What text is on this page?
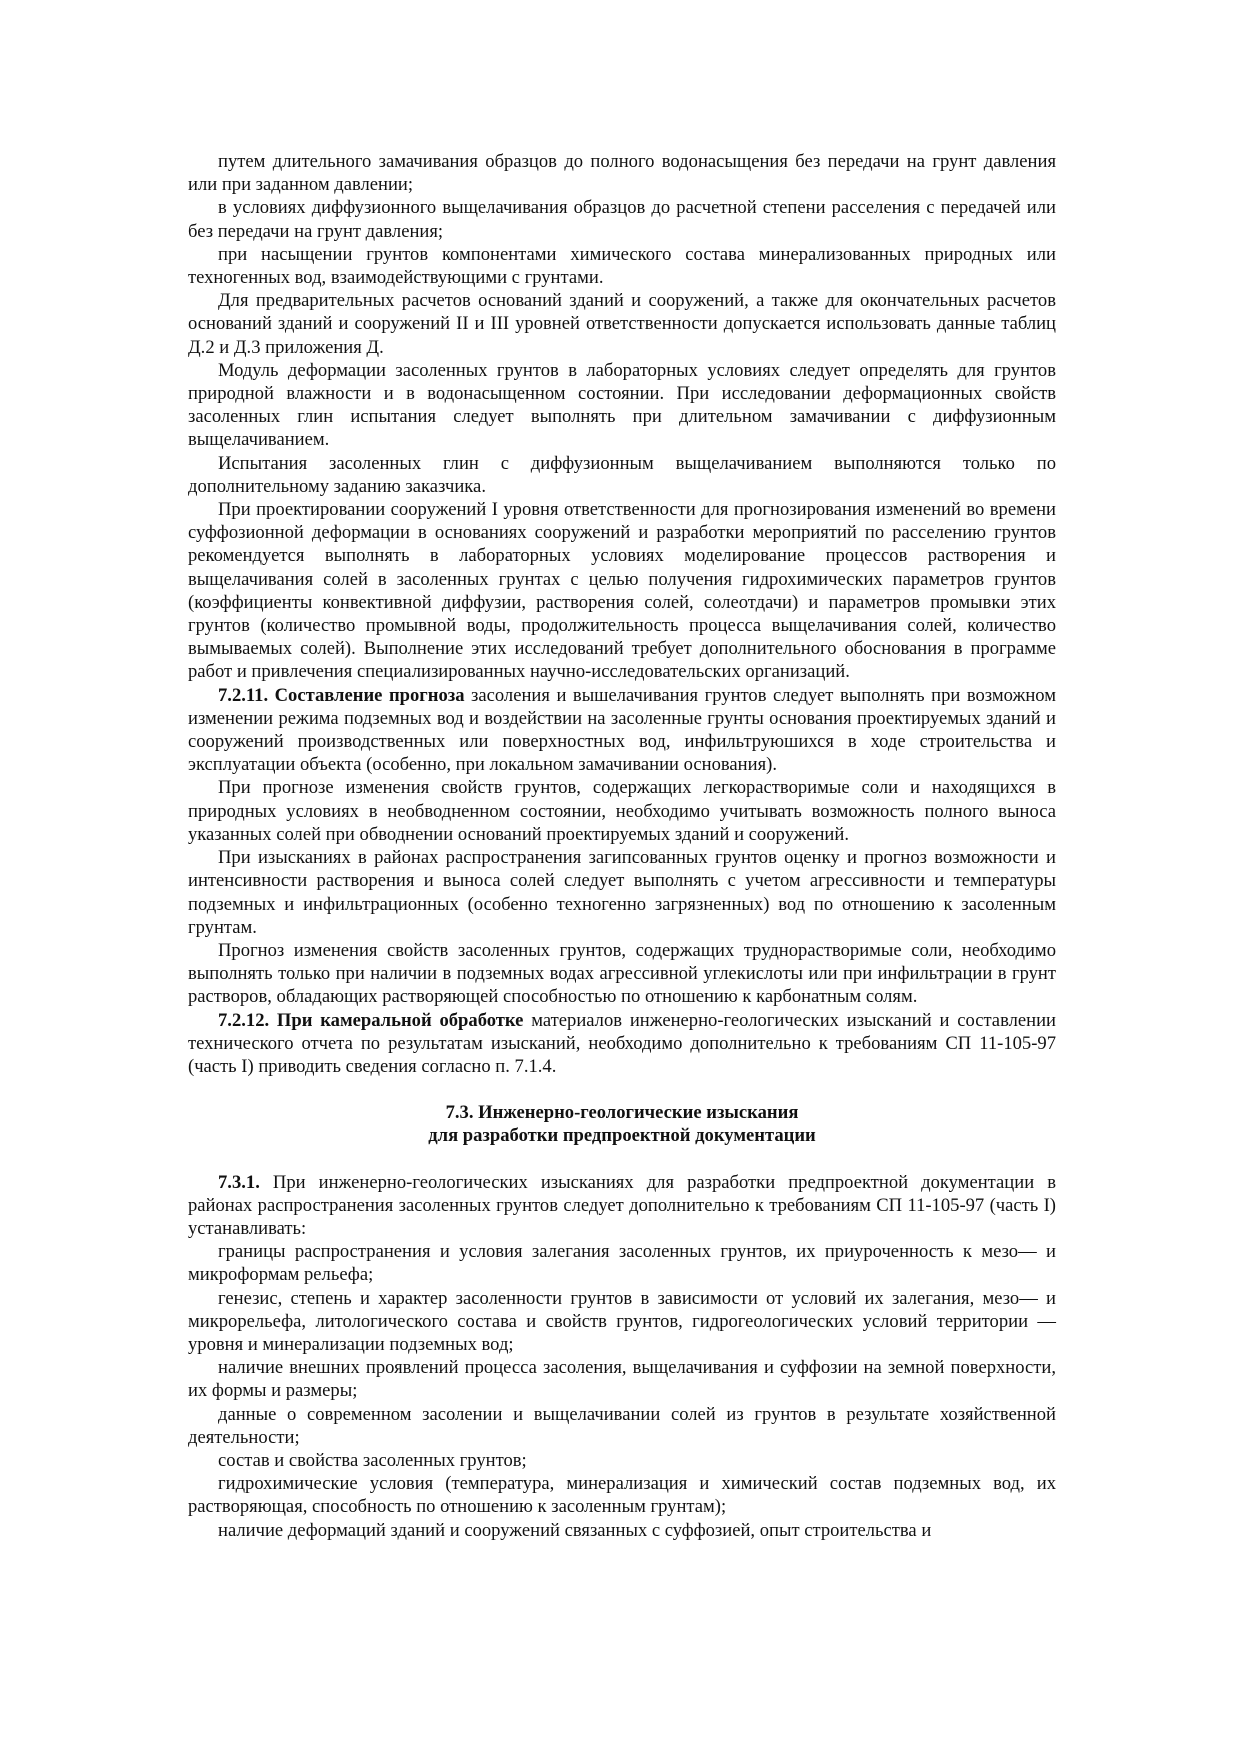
путем длительного замачивания образцов до полного водонасыщения без передачи на грунт давления или при заданном давлении;

в условиях диффузионного выщелачивания образцов до расчетной степени расселения с передачей или без передачи на грунт давления;

при насыщении грунтов компонентами химического состава минерализованных природных или техногенных вод, взаимодействующими с грунтами.

Для предварительных расчетов оснований зданий и сооружений, а также для окончательных расчетов оснований зданий и сооружений II и III уровней ответственности допускается использовать данные таблиц Д.2 и Д.3 приложения Д.

Модуль деформации засоленных грунтов в лабораторных условиях следует определять для грунтов природной влажности и в водонасыщенном состоянии. При исследовании деформационных свойств засоленных глин испытания следует выполнять при длительном замачивании с диффузионным выщелачиванием.

Испытания засоленных глин с диффузионным выщелачиванием выполняются только по дополнительному заданию заказчика.

При проектировании сооружений I уровня ответственности для прогнозирования изменений во времени суффозионной деформации в основаниях сооружений и разработки мероприятий по расселению грунтов рекомендуется выполнять в лабораторных условиях моделирование процессов растворения и выщелачивания солей в засоленных грунтах с целью получения гидрохимических параметров грунтов (коэффициенты конвективной диффузии, растворения солей, солеотдачи) и параметров промывки этих грунтов (количество промывной воды, продолжительность процесса выщелачивания солей, количество вымываемых солей). Выполнение этих исследований требует дополнительного обоснования в программе работ и привлечения специализированных научно-исследовательских организаций.

7.2.11. Составление прогноза засоления и вышелачивания грунтов следует выполнять при возможном изменении режима подземных вод и воздействии на засоленные грунты основания проектируемых зданий и сооружений производственных или поверхностных вод, инфильтруюшихся в ходе строительства и эксплуатации объекта (особенно, при локальном замачивании основания).

При прогнозе изменения свойств грунтов, содержащих легкорастворимые соли и находящихся в природных условиях в необводненном состоянии, необходимо учитывать возможность полного выноса указанных солей при обводнении оснований проектируемых зданий и сооружений.

При изысканиях в районах распространения загипсованных грунтов оценку и прогноз возможности и интенсивности растворения и выноса солей следует выполнять с учетом агрессивности и температуры подземных и инфильтрационных (особенно техногенно загрязненных) вод по отношению к засоленным грунтам.

Прогноз изменения свойств засоленных грунтов, содержащих трудноpастворимые соли, необходимо выполнять только при наличии в подземных водах агрессивной углекислоты или при инфильтрации в грунт растворов, обладающих растворяющей способностью по отношению к карбонатным солям.

7.2.12. При камеральной обработке материалов инженерно-геологических изысканий и составлении технического отчета по результатам изысканий, необходимо дополнительно к требованиям СП 11-105-97 (часть I) приводить сведения согласно п. 7.1.4.

7.3. Инженерно-геологические изыскания

для разработки предпроектной документации

7.3.1. При инженерно-геологических изысканиях для разработки предпроектной документации в районах распространения засоленных грунтов следует дополнительно к требованиям СП 11-105-97 (часть I) устанавливать:

границы распространения и условия залегания засоленных грунтов, их приуроченность к мезо— и микроформам рельефа;

генезис, степень и характер засоленности грунтов в зависимости от условий их залегания, мезо— и микрорельефа, литологического состава и свойств грунтов, гидрогеологических условий территории — уровня и минерализации подземных вод;

наличие внешних проявлений процесса засоления, выщелачивания и суффозии на земной поверхности, их формы и размеры;

данные о современном засолении и выщелачивании солей из грунтов в результате хозяйственной деятельности;

состав и свойства засоленных грунтов;

гидрохимические условия (температура, минерализация и химический состав подземных вод, их растворяющая, способность по отношению к засоленным грунтам);

наличие деформаций зданий и сооружений связанных с суффозией, опыт строительства и
